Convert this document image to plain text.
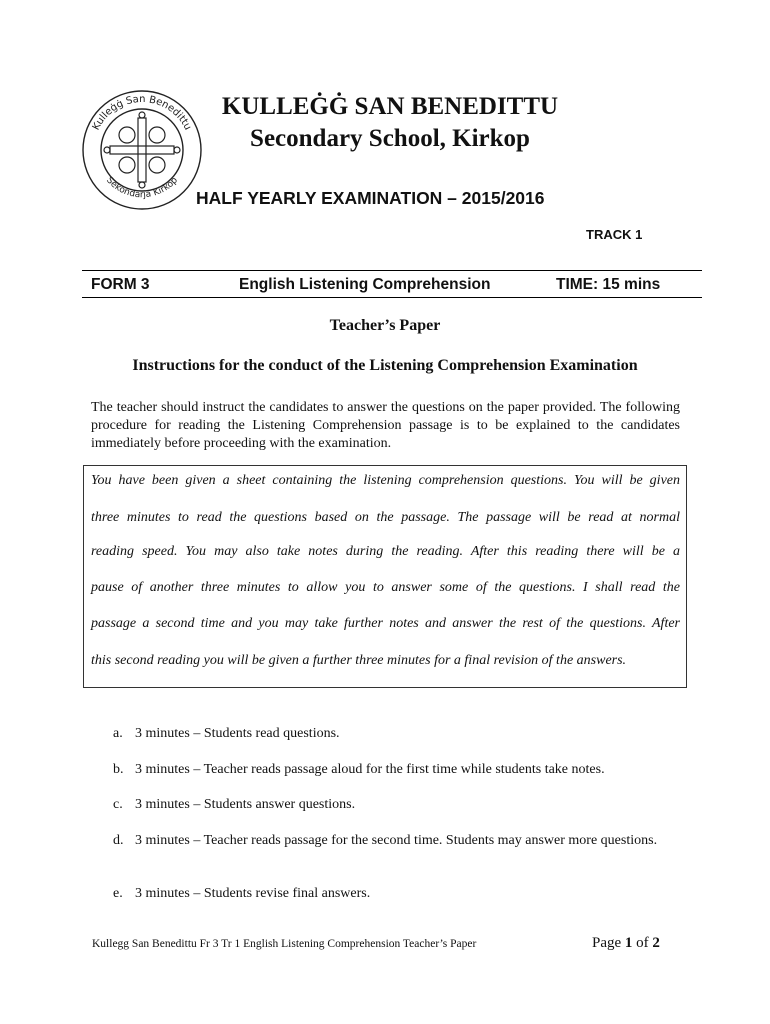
Kulleġġ San Benedittu
Sekondarja Kirkop
KULLEĠĠ SAN BENEDITTU
Secondary School, Kirkop
HALF YEARLY EXAMINATION – 2015/2016
TRACK 1
FORM 3	English Listening Comprehension	TIME: 15 mins
Teacher’s Paper
Instructions for the conduct of the Listening Comprehension Examination
The teacher should instruct the candidates to answer the questions on the paper provided. The following procedure for reading the Listening Comprehension passage is to be explained to the candidates immediately before proceeding with the examination.
You have been given a sheet containing the listening comprehension questions. You will be given
three minutes to read the questions based on the passage. The passage will be read at normal
reading speed. You may also take notes during the reading. After this reading there will be a
pause of another three minutes to allow you to answer some of the questions. I shall read the
passage a second time and you may take further notes and answer the rest of the questions. After
this second reading you will be given a further three minutes for a final revision of the answers.
a. 3 minutes – Students read questions.
b. 3 minutes – Teacher reads passage aloud for the first time while students take notes.
c. 3 minutes – Students answer questions.
d. 3 minutes – Teacher reads passage for the second time. Students may answer more questions.
e. 3 minutes – Students revise final answers.
Kullegg San Benedittu Fr 3 Tr 1 English Listening Comprehension Teacher’s Paper	Page 1 of 2
